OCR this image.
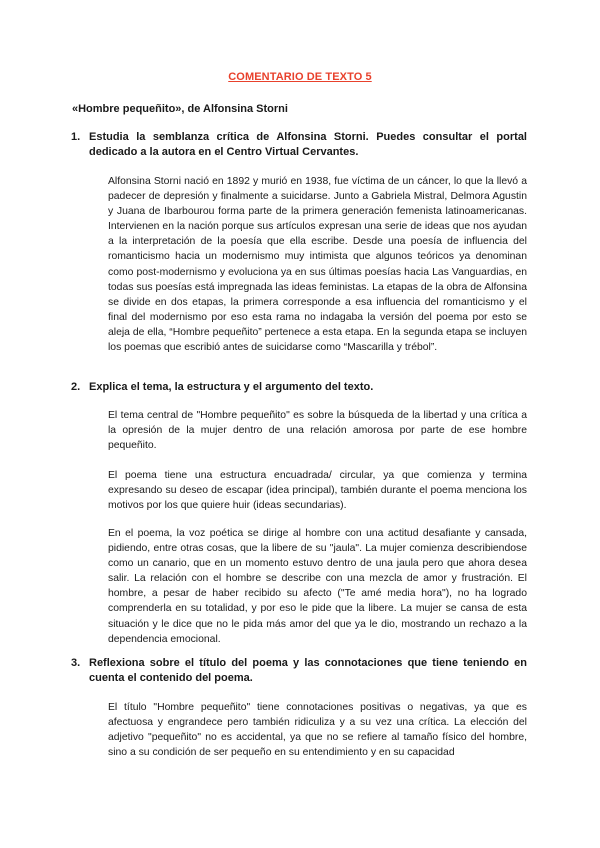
COMENTARIO DE TEXTO 5
«Hombre pequeñito», de Alfonsina Storni
1. Estudia la semblanza crítica de Alfonsina Storni. Puedes consultar el portal dedicado a la autora en el Centro Virtual Cervantes.
Alfonsina Storni nació en 1892 y murió en 1938, fue víctima de un cáncer, lo que la llevó a padecer de depresión y finalmente a suicidarse. Junto a Gabriela Mistral, Delmora Agustin y Juana de Ibarbourou forma parte de la primera generación femenista latinoamericanas. Intervienen en la nación porque sus artículos expresan una serie de ideas que nos ayudan a la interpretación de la poesía que ella escribe. Desde una poesía de influencia del romanticismo hacia un modernismo muy intimista que algunos teóricos ya denominan como post-modernismo y evoluciona ya en sus últimas poesías hacia Las Vanguardias, en todas sus poesías está impregnada las ideas feministas. La etapas de la obra de Alfonsina se divide en dos etapas, la primera corresponde a esa influencia del romanticismo y el final del modernismo por eso esta rama no indagaba la versión del poema por esto se aleja de ella, “Hombre pequeñito” pertenece a esta etapa. En la segunda etapa se incluyen los poemas que escribió antes de suicidarse como “Mascarilla y trébol”.
2. Explica el tema, la estructura y el argumento del texto.
El tema central de "Hombre pequeñito" es sobre la búsqueda de la libertad y una crítica a la opresión de la mujer dentro de una relación amorosa por parte de ese hombre pequeñito.
El poema tiene una estructura encuadrada/ circular, ya que comienza y termina expresando su deseo de escapar (idea principal), también durante el poema menciona los motivos por los que quiere huir (ideas secundarias).
En el poema, la voz poética se dirige al hombre con una actitud desafiante y cansada, pidiendo, entre otras cosas, que la libere de su "jaula". La mujer comienza describiendose como un canario, que en un momento estuvo dentro de una jaula pero que ahora desea salir. La relación con el hombre se describe con una mezcla de amor y frustración. El hombre, a pesar de haber recibido su afecto ("Te amé media hora"), no ha logrado comprenderla en su totalidad, y por eso le pide que la libere. La mujer se cansa de esta situación y le dice que no le pida más amor del que ya le dio, mostrando un rechazo a la dependencia emocional.
3. Reflexiona sobre el título del poema y las connotaciones que tiene teniendo en cuenta el contenido del poema.
El título "Hombre pequeñito" tiene connotaciones positivas o negativas, ya que es afectuosa y engrandece pero también ridiculiza y a su vez una crítica. La elección del adjetivo "pequeñito" no es accidental, ya que no se refiere al tamaño físico del hombre, sino a su condición de ser pequeño en su entendimiento y en su capacidad
